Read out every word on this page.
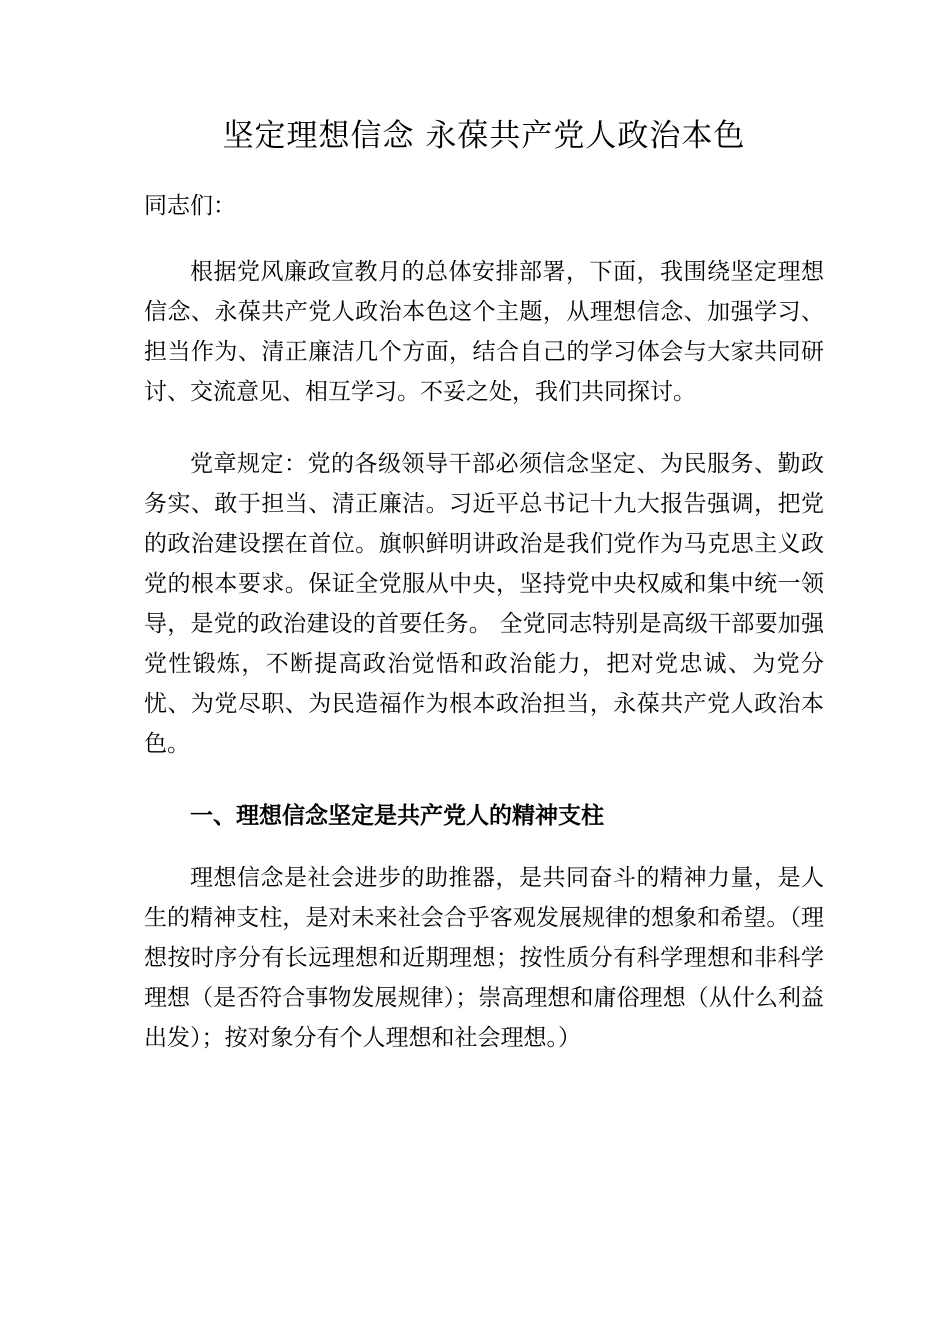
坚定理想信念 永葆共产党人政治本色

同志们：

根据党风廉政宣教月的总体安排部署，下面，我围绕坚定理想信念、永葆共产党人政治本色这个主题，从理想信念、加强学习、担当作为、清正廉洁几个方面，结合自己的学习体会与大家共同研讨、交流意见、相互学习。不妥之处，我们共同探讨。

党章规定：党的各级领导干部必须信念坚定、为民服务、勤政务实、敢于担当、清正廉洁。习近平总书记十九大报告强调，把党的政治建设摆在首位。旗帜鲜明讲政治是我们党作为马克思主义政党的根本要求。保证全党服从中央，坚持党中央权威和集中统一领导，是党的政治建设的首要任务。 全党同志特别是高级干部要加强党性锻炼，不断提高政治觉悟和政治能力，把对党忠诚、为党分忧、为党尽职、为民造福作为根本政治担当，永葆共产党人政治本色。

一、理想信念坚定是共产党人的精神支柱

理想信念是社会进步的助推器，是共同奋斗的精神力量，是人生的精神支柱，是对未来社会合乎客观发展规律的想象和希望。（理想按时序分有长远理想和近期理想；按性质分有科学理想和非科学理想（是否符合事物发展规律）；崇高理想和庸俗理想（从什么利益出发）；按对象分有个人理想和社会理想。）
